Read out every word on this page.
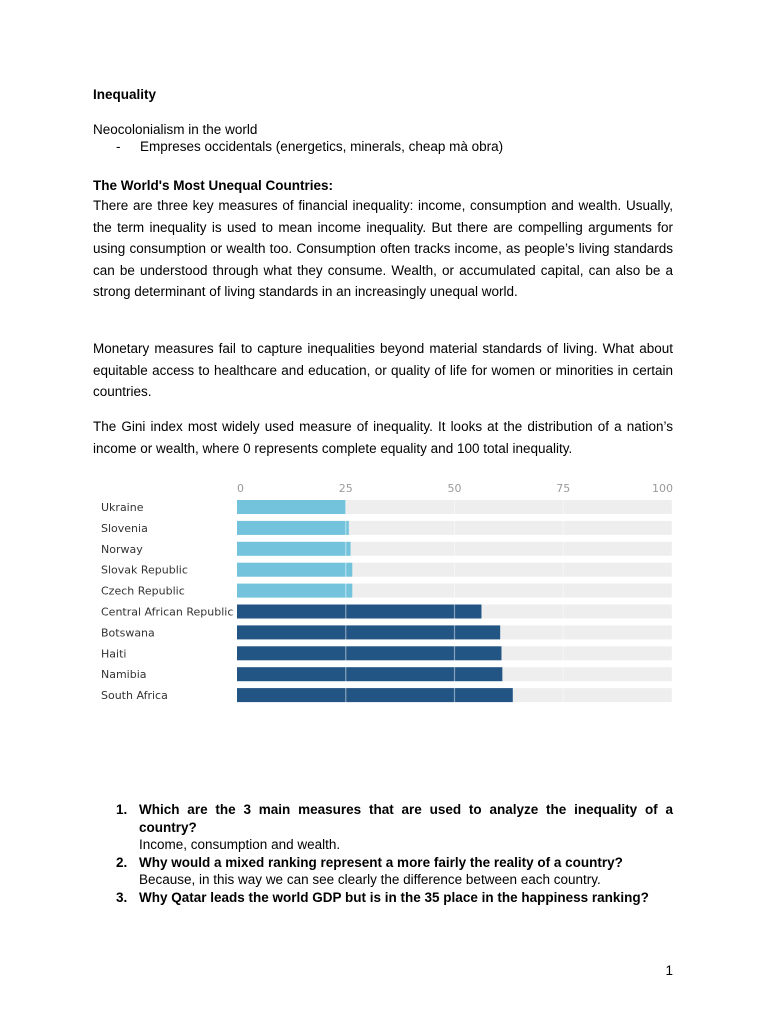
Inequality
Neocolonialism in the world
- Empreses occidentals (energetics, minerals, cheap mà obra)
The World's Most Unequal Countries:

There are three key measures of financial inequality: income, consumption and wealth. Usually, the term inequality is used to mean income inequality. But there are compelling arguments for using consumption or wealth too. Consumption often tracks income, as people’s living standards can be understood through what they consume. Wealth, or accumulated capital, can also be a strong determinant of living standards in an increasingly unequal world.

Monetary measures fail to capture inequalities beyond material standards of living. What about equitable access to healthcare and education, or quality of life for women or minorities in certain countries.

The Gini index most widely used measure of inequality. It looks at the distribution of a nation’s income or wealth, where 0 represents complete equality and 100 total inequality.

0	25	50	75	100
Ukraine
Slovenia
Norway
Slovak Republic
Czech Republic
Central African Republic
Botswana
Haiti
Namibia
South Africa
1. Which are the 3 main measures that are used to analyze the inequality of a country?
Income, consumption and wealth.
2. Why would a mixed ranking represent a more fairly the reality of a country?
Because, in this way we can see clearly the difference between each country.
3. Why Qatar leads the world GDP but is in the 35 place in the happiness ranking?
1
